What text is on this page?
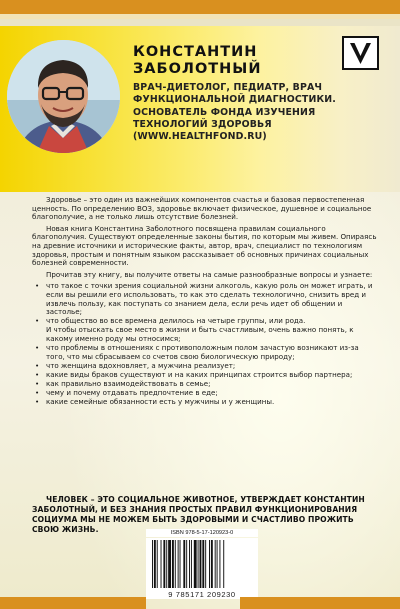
КОНСТАНТИН
ЗАБОЛОТНЫЙ
ВРАЧ-ДИЕТОЛОГ, ПЕДИАТР, ВРАЧ
ФУНКЦИОНАЛЬНОЙ ДИАГНОСТИКИ.
ОСНОВАТЕЛЬ ФОНДА ИЗУЧЕНИЯ
ТЕХНОЛОГИЙ ЗДОРОВЬЯ
(WWW.HEALTHFOND.RU)

Здоровье – это один из важнейших компонентов счастья и базовая первостепенная ценность. По определению ВОЗ, здоровье включает физическое, душевное и социальное благополучие, а не только лишь отсутствие болезней.

Новая книга Константина Заболотного посвящена правилам социального благополучия. Существуют определенные законы бытия, по которым мы живем. Опираясь на древние источники и исторические факты, автор, врач, специалист по технологиям здоровья, простым и понятным языком рассказывает об основных причинах социальных болезней современности.

Прочитав эту книгу, вы получите ответы на самые разнообразные вопросы и узнаете:

• что такое с точки зрения социальной жизни алкоголь, какую роль он может играть, и если вы решили его использовать, то как это сделать технологично, снизить вред и извлечь пользу, как поступать со знанием дела, если речь идет об общении и застолье;
• что общество во все времена делилось на четыре группы, или рода.
И чтобы отыскать свое место в жизни и быть счастливым, очень важно понять, к какому именно роду мы относимся;
• что проблемы в отношениях с противоположным полом зачастую возникают из-за того, что мы сбрасываем со счетов свою биологическую природу;
• что женщина вдохновляет, а мужчина реализует;
• какие виды браков существуют и на каких принципах строится выбор партнера;
• как правильно взаимодействовать в семье;
• чему и почему отдавать предпочтение в еде;
• какие семейные обязанности есть у мужчины и у женщины.
ЧЕЛОВЕК – ЭТО СОЦИАЛЬНОЕ ЖИВОТНОЕ, УТВЕРЖДАЕТ КОНСТАНТИН ЗАБОЛОТНЫЙ, И БЕЗ ЗНАНИЯ ПРОСТЫХ ПРАВИЛ ФУНКЦИОНИРОВАНИЯ СОЦИУМА МЫ НЕ МОЖЕМ БЫТЬ ЗДОРОВЫМИ И СЧАСТЛИВО ПРОЖИТЬ СВОЮ ЖИЗНЬ.	ISBN 978-5-17-120923-0
9 785171 209230
